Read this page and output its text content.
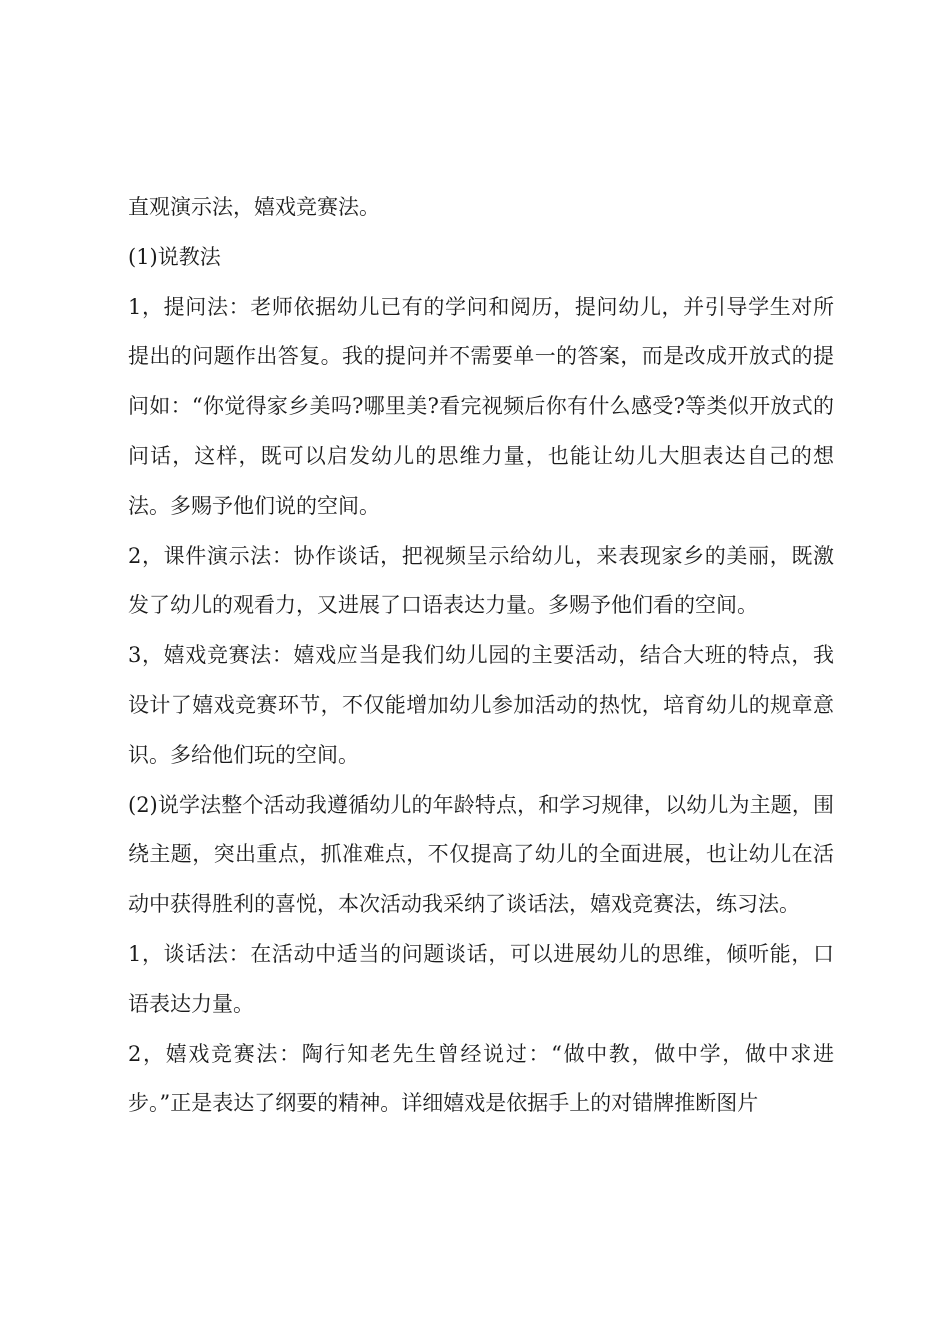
直观演示法，嬉戏竞赛法。

(1)说教法

1，提问法：老师依据幼儿已有的学问和阅历，提问幼儿，并引导学生对所提出的问题作出答复。我的提问并不需要单一的答案，而是改成开放式的提问如：“你觉得家乡美吗?哪里美?看完视频后你有什么感受?等类似开放式的问话，这样，既可以启发幼儿的思维力量，也能让幼儿大胆表达自己的想法。多赐予他们说的空间。

2，课件演示法：协作谈话，把视频呈示给幼儿，来表现家乡的美丽，既激发了幼儿的观看力，又进展了口语表达力量。多赐予他们看的空间。

3，嬉戏竞赛法：嬉戏应当是我们幼儿园的主要活动，结合大班的特点，我设计了嬉戏竞赛环节，不仅能增加幼儿参加活动的热忱，培育幼儿的规章意识。多给他们玩的空间。

(2)说学法整个活动我遵循幼儿的年龄特点，和学习规律，以幼儿为主题，围绕主题，突出重点，抓准难点，不仅提高了幼儿的全面进展，也让幼儿在活动中获得胜利的喜悦，本次活动我采纳了谈话法，嬉戏竞赛法，练习法。

1，谈话法：在活动中适当的问题谈话，可以进展幼儿的思维，倾听能，口语表达力量。

2，嬉戏竞赛法：陶行知老先生曾经说过：“做中教，做中学，做中求进步。”正是表达了纲要的精神。详细嬉戏是依据手上的对错牌推断图片
